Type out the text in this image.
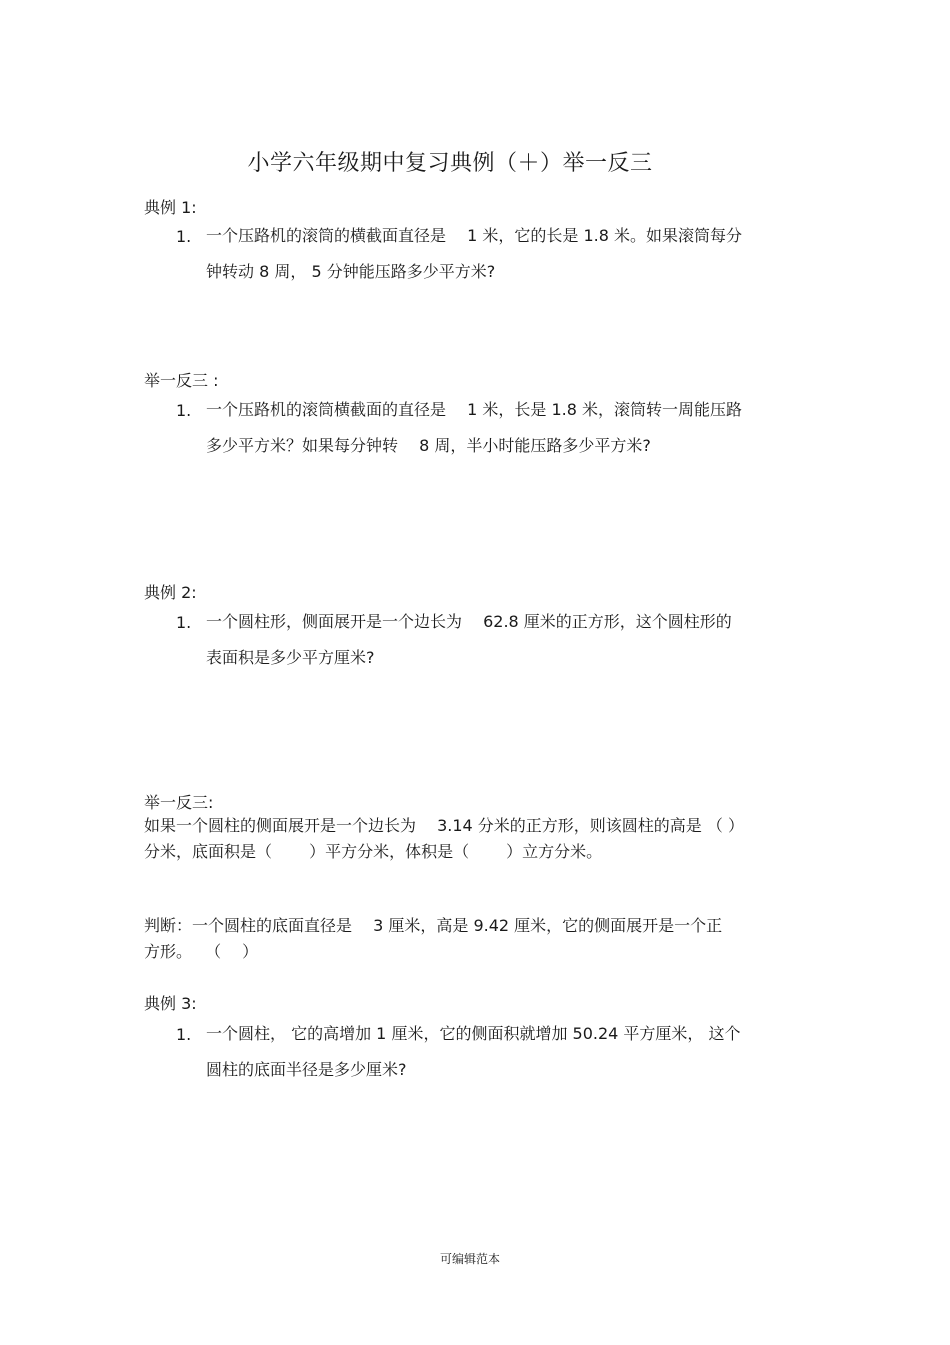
小学六年级期中复习典例（＋）举一反三
典例 1:
1. 一个压路机的滚筒的横截面直径是　 1 米，它的长是 1.8 米。如果滚筒每分
钟转动 8 周， 5 分钟能压路多少平方米?
举一反三 :
1. 一个压路机的滚筒横截面的直径是　 1 米，长是 1.8 米，滚筒转一周能压路
多少平方米？如果每分钟转　 8 周，半小时能压路多少平方米?
典例 2:
1. 一个圆柱形，侧面展开是一个边长为　 62.8 厘米的正方形，这个圆柱形的
表面积是多少平方厘米?
举一反三:
如果一个圆柱的侧面展开是一个边长为　 3.14 分米的正方形，则该圆柱的高是 （ ）
分米，底面积是（　　 ）平方分米，体积是（　　 ）立方分米。
判断：一个圆柱的底面直径是　 3 厘米，高是 9.42 厘米，它的侧面展开是一个正
方形。　 （　 ）
典例 3:
1. 一个圆柱， 它的高增加 1 厘米，它的侧面积就增加 50.24 平方厘米， 这个
圆柱的底面半径是多少厘米?
可编辑范本
